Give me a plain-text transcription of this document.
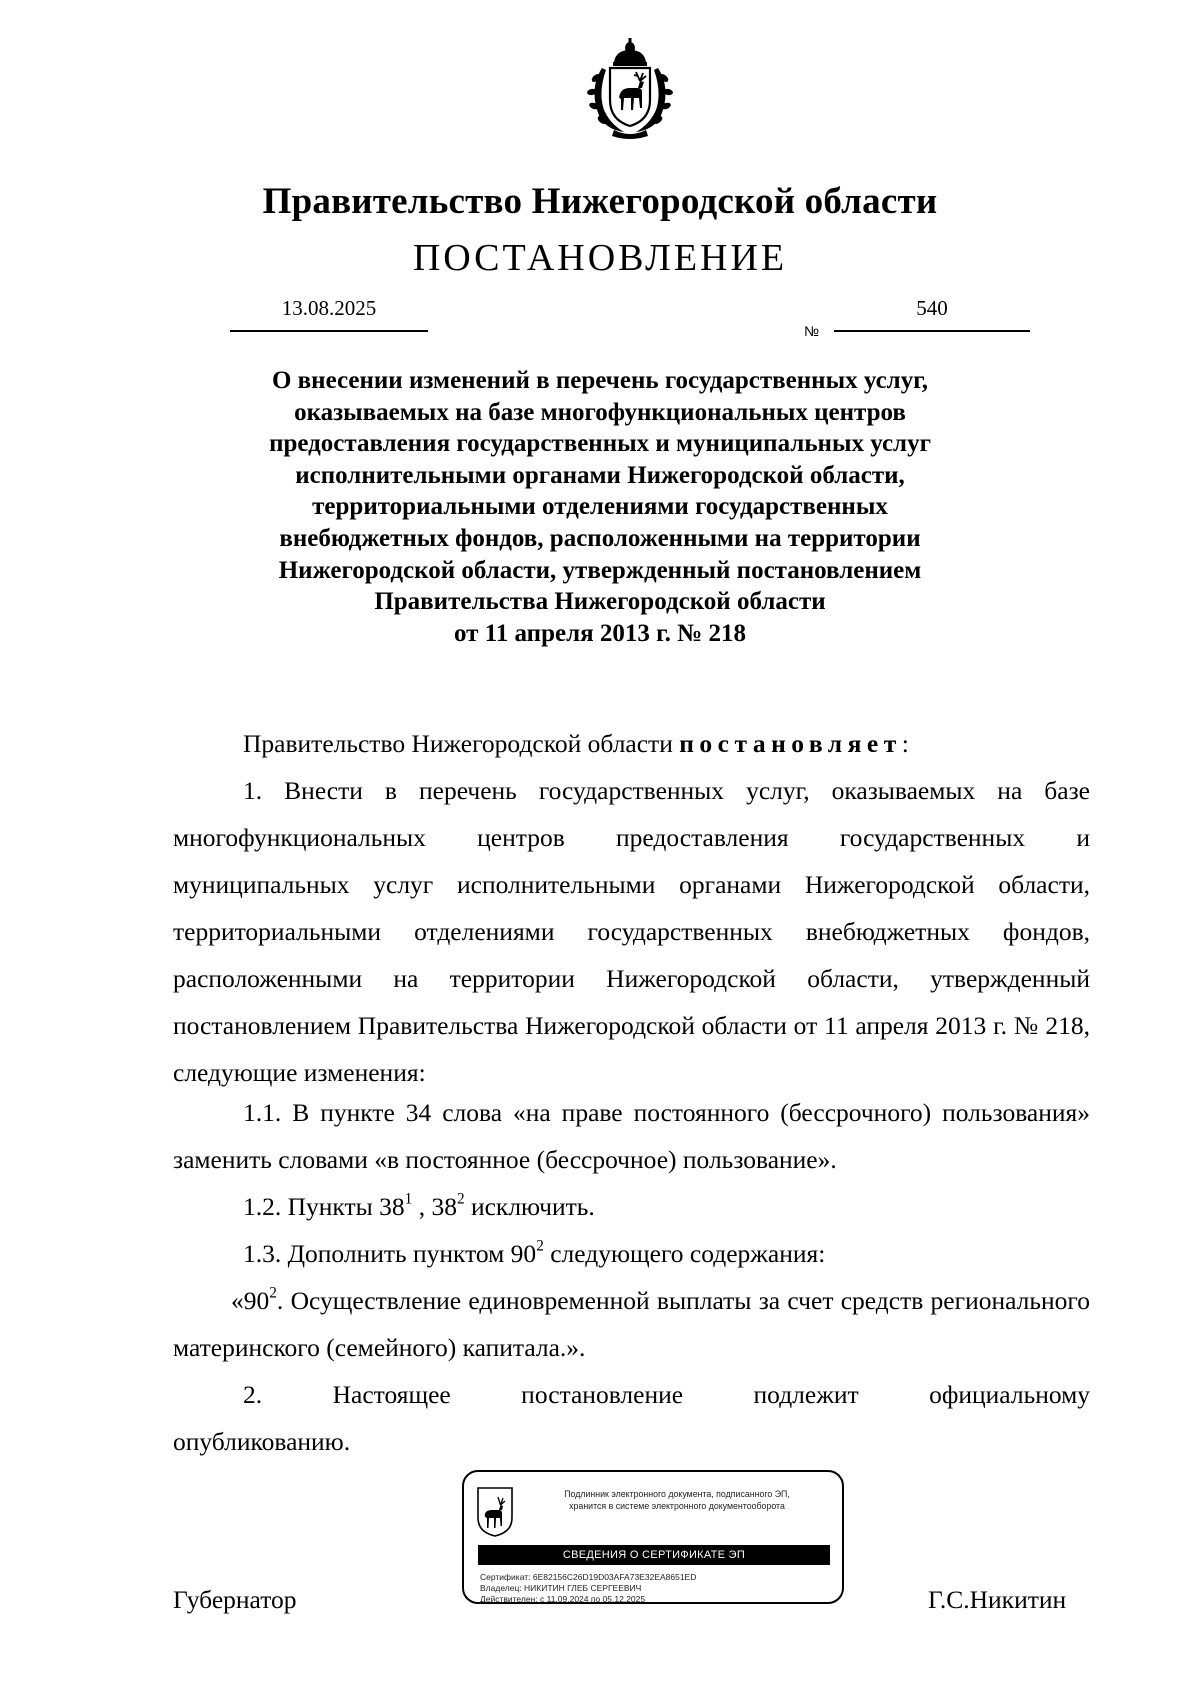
Правительство Нижегородской области
ПОСТАНОВЛЕНИЕ
13.08.2025
№
540
О внесении изменений в перечень государственных услуг,
оказываемых на базе многофункциональных центров
предоставления государственных и муниципальных услуг
исполнительными органами Нижегородской области,
территориальными отделениями государственных
внебюджетных фондов, расположенными на территории
Нижегородской области, утвержденный постановлением
Правительства Нижегородской области
от 11 апреля 2013 г. № 218
Правительство Нижегородской области постановляет:
1. Внести в перечень государственных услуг, оказываемых на базе многофункциональных центров предоставления государственных и муниципальных услуг исполнительными органами Нижегородской области, территориальными отделениями государственных внебюджетных фондов, расположенными на территории Нижегородской области, утвержденный постановлением Правительства Нижегородской области от 11 апреля 2013 г. № 218, следующие изменения:
1.1. В пункте 34 слова «на праве постоянного (бессрочного) пользования» заменить словами «в постоянное (бессрочное) пользование».
1.2. Пункты $38^1$ , $38^2$ исключить.
1.3. Дополнить пунктом $90^2$ следующего содержания:
«$90^2$. Осуществление единовременной выплаты за счет средств регионального материнского (семейного) капитала.».
2. Настоящее постановление подлежит официальному
опубликованию.
Губернатор	Г.С.Никитин
Подлинник электронного документа, подписанного ЭП,
хранится в системе электронного документооборота
СВЕДЕНИЯ О СЕРТИФИКАТЕ ЭП
Сертификат: 6E82156C26D19D03AFA73E32EA8651ED
Владелец: НИКИТИН ГЛЕБ СЕРГЕЕВИЧ
Действителен: с 11.09.2024 по 05.12.2025
